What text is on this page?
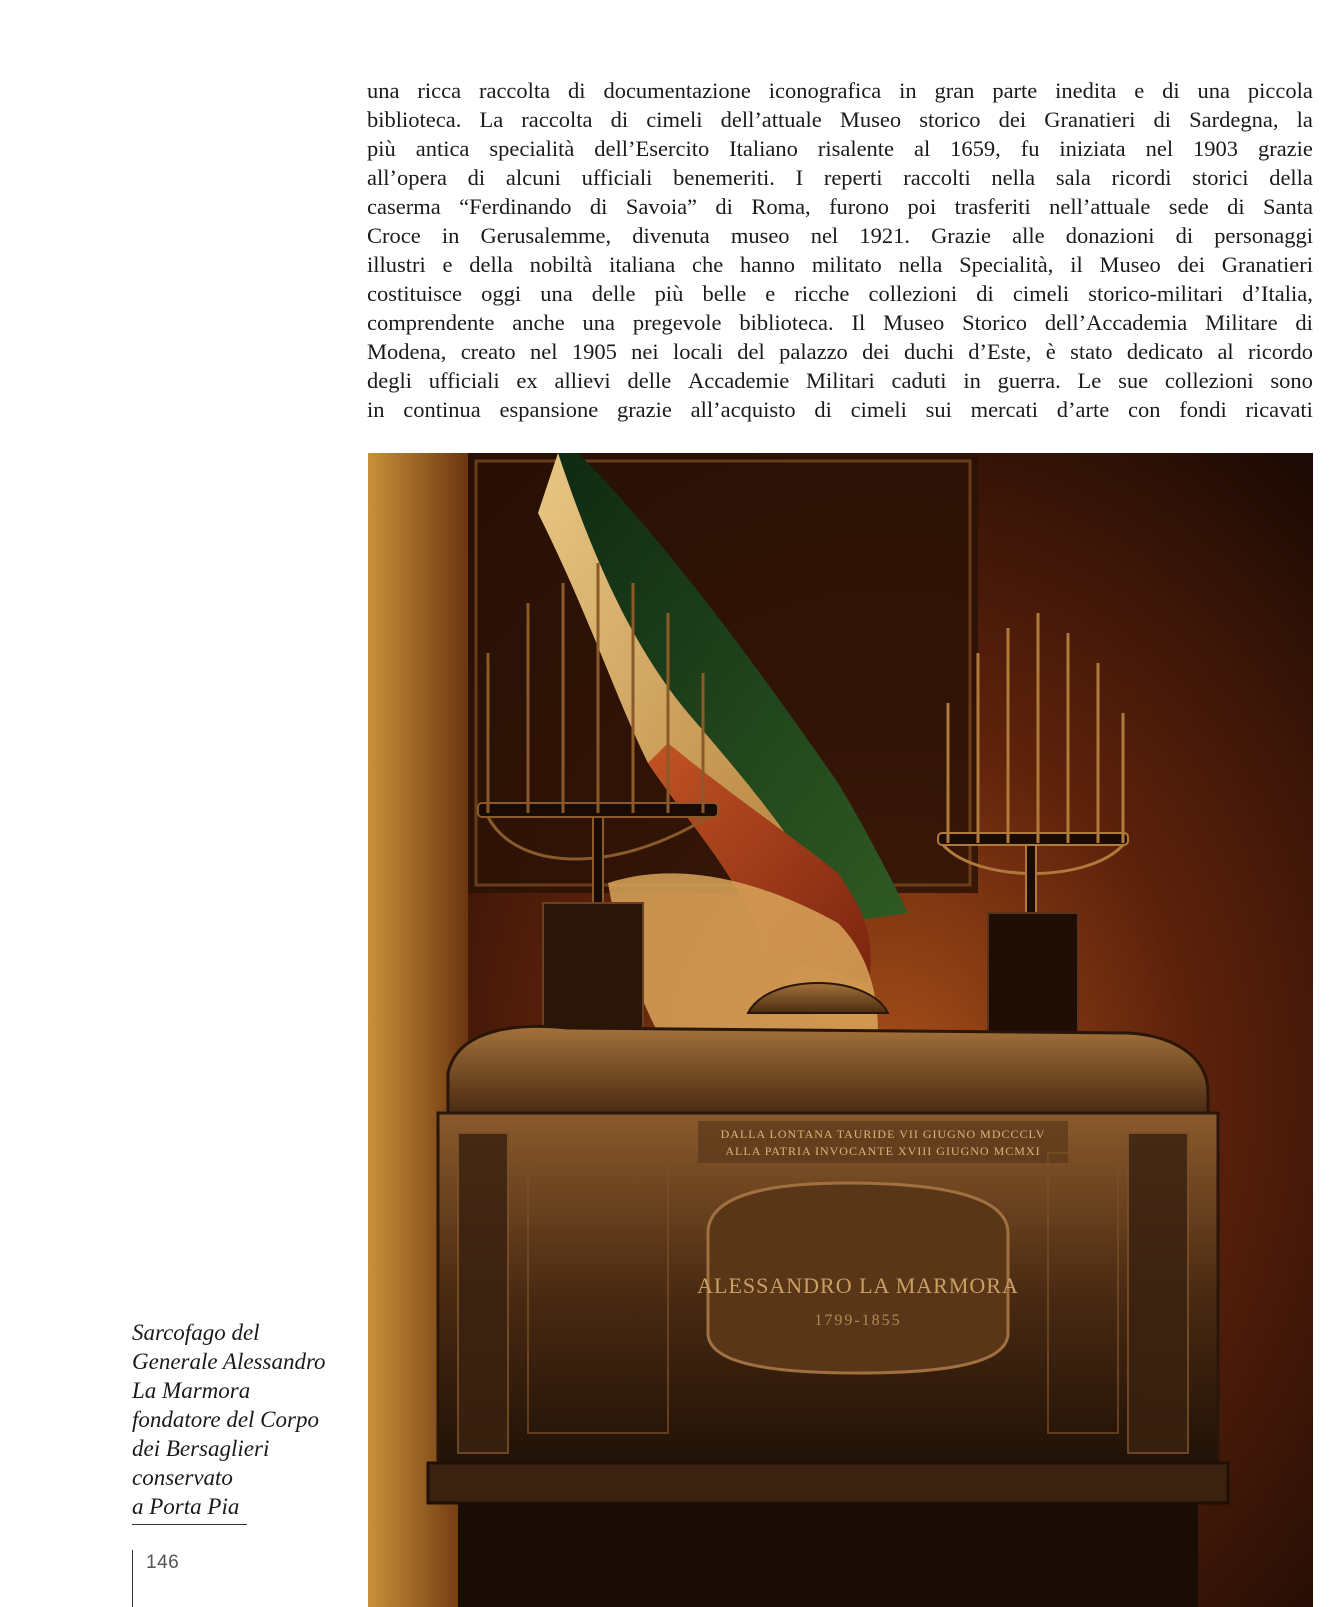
una ricca raccolta di documentazione iconografica in gran parte inedita e di una piccola
biblioteca. La raccolta di cimeli dell’attuale Museo storico dei Granatieri di Sardegna, la
più antica specialità dell’Esercito Italiano risalente al 1659, fu iniziata nel 1903 grazie
all’opera di alcuni ufficiali benemeriti. I reperti raccolti nella sala ricordi storici della
caserma “Ferdinando di Savoia” di Roma, furono poi trasferiti nell’attuale sede di Santa
Croce in Gerusalemme, divenuta museo nel 1921. Grazie alle donazioni di personaggi
illustri e della nobiltà italiana che hanno militato nella Specialità, il Museo dei Granatieri
costituisce oggi una delle più belle e ricche collezioni di cimeli storico-militari d’Italia,
comprendente anche una pregevole biblioteca. Il Museo Storico dell’Accademia Militare di
Modena, creato nel 1905 nei locali del palazzo dei duchi d’Este, è stato dedicato al ricordo
degli ufficiali ex allievi delle Accademie Militari caduti in guerra. Le sue collezioni sono
in continua espansione grazie all’acquisto di cimeli sui mercati d’arte con fondi ricavati
DALLA LONTANA TAURIDE VII GIUGNO MDCCCLV
ALLA PATRIA INVOCANTE XVIII GIUGNO MCMXI
ALESSANDRO LA MARMORA
1799-1855
Sarcofago del
Generale Alessandro
La Marmora
fondatore del Corpo
dei Bersaglieri
conservato
a Porta Pia
146
